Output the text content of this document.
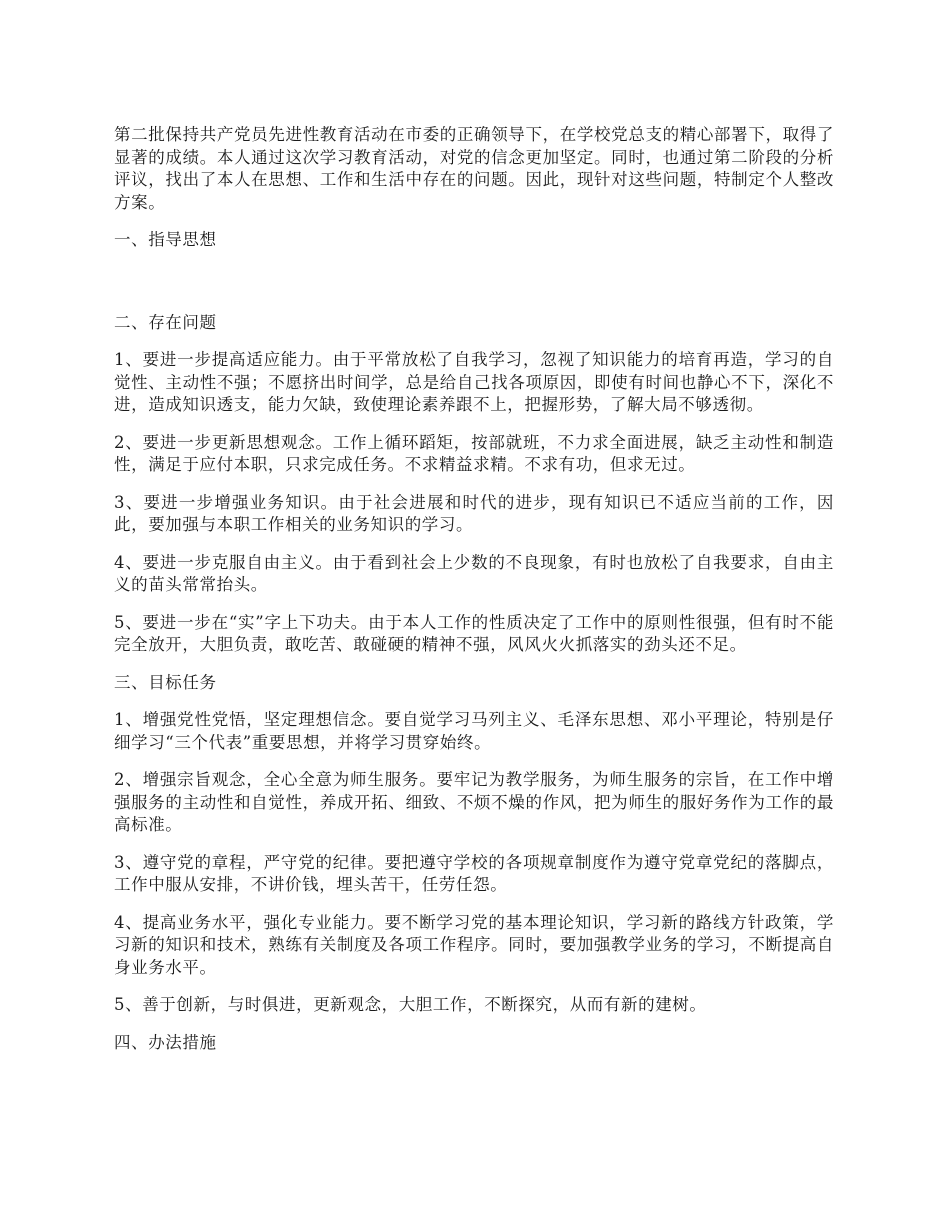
第二批保持共产党员先进性教育活动在市委的正确领导下，在学校党总支的精心部署下，取得了显著的成绩。本人通过这次学习教育活动，对党的信念更加坚定。同时，也通过第二阶段的分析评议，找出了本人在思想、工作和生活中存在的问题。因此，现针对这些问题，特制定个人整改方案。

一、指导思想

二、存在问题

1、要进一步提高适应能力。由于平常放松了自我学习，忽视了知识能力的培育再造，学习的自觉性、主动性不强；不愿挤出时间学，总是给自己找各项原因，即使有时间也静心不下，深化不进，造成知识透支，能力欠缺，致使理论素养跟不上，把握形势，了解大局不够透彻。

2、要进一步更新思想观念。工作上循环蹈矩，按部就班，不力求全面进展，缺乏主动性和制造性，满足于应付本职，只求完成任务。不求精益求精。不求有功，但求无过。

3、要进一步增强业务知识。由于社会进展和时代的进步，现有知识已不适应当前的工作，因此，要加强与本职工作相关的业务知识的学习。

4、要进一步克服自由主义。由于看到社会上少数的不良现象，有时也放松了自我要求，自由主义的苗头常常抬头。

5、要进一步在“实”字上下功夫。由于本人工作的性质决定了工作中的原则性很强，但有时不能完全放开，大胆负责，敢吃苦、敢碰硬的精神不强，风风火火抓落实的劲头还不足。

三、目标任务

1、增强党性党悟，坚定理想信念。要自觉学习马列主义、毛泽东思想、邓小平理论，特别是仔细学习“三个代表”重要思想，并将学习贯穿始终。

2、增强宗旨观念，全心全意为师生服务。要牢记为教学服务，为师生服务的宗旨，在工作中增强服务的主动性和自觉性，养成开拓、细致、不烦不燥的作风，把为师生的服好务作为工作的最高标准。

3、遵守党的章程，严守党的纪律。要把遵守学校的各项规章制度作为遵守党章党纪的落脚点，工作中服从安排，不讲价钱，埋头苦干，任劳任怨。

4、提高业务水平，强化专业能力。要不断学习党的基本理论知识，学习新的路线方针政策，学习新的知识和技术，熟练有关制度及各项工作程序。同时，要加强教学业务的学习，不断提高自身业务水平。

5、善于创新，与时俱进，更新观念，大胆工作，不断探究，从而有新的建树。

四、办法措施
